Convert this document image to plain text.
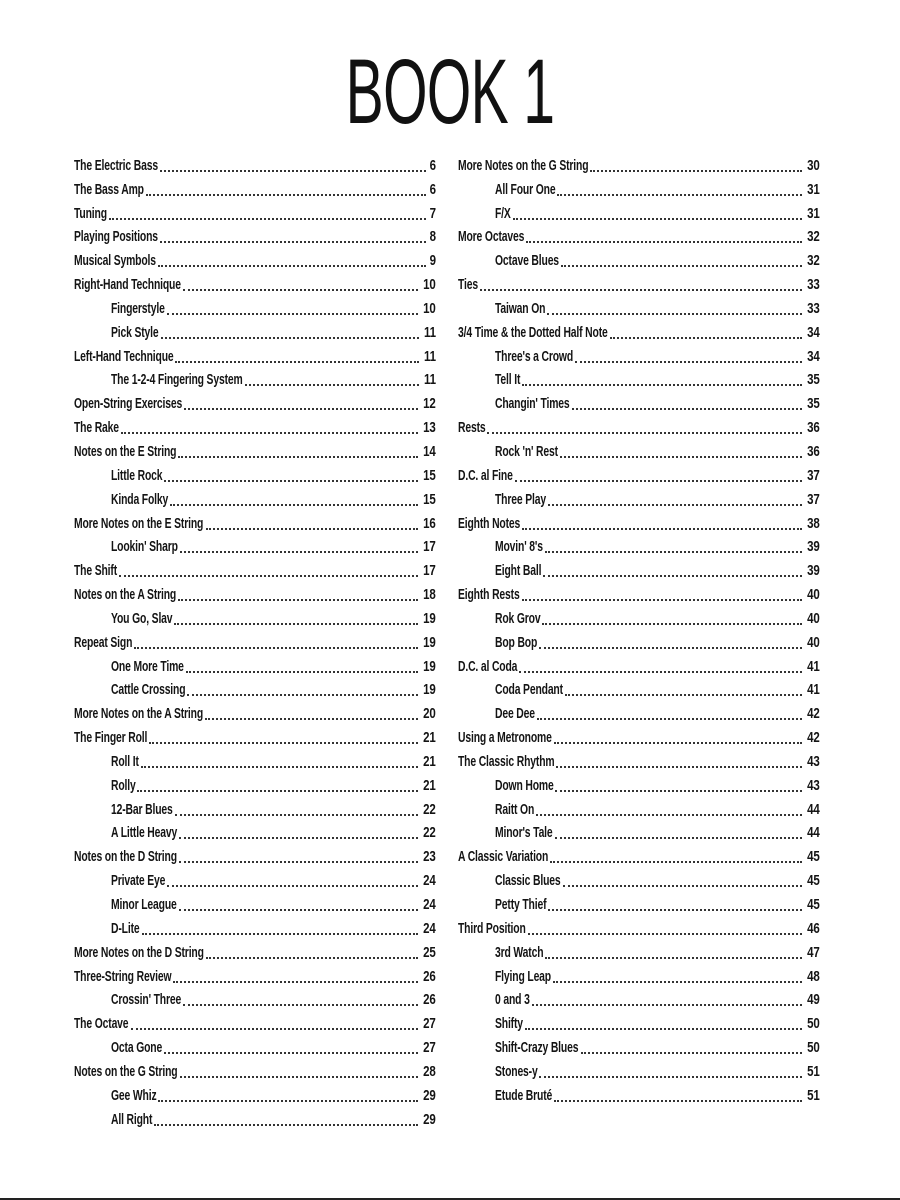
BOOK 1
The Electric Bass	6
The Bass Amp	6
Tuning	7
Playing Positions	8
Musical Symbols	9
Right-Hand Technique	10
Fingerstyle	10
Pick Style	11
Left-Hand Technique	11
The 1-2-4 Fingering System	11
Open-String Exercises	12
The Rake	13
Notes on the E String	14
Little Rock	15
Kinda Folky	15
More Notes on the E String	16
Lookin' Sharp	17
The Shift	17
Notes on the A String	18
You Go, Slav	19
Repeat Sign	19
One More Time	19
Cattle Crossing	19
More Notes on the A String	20
The Finger Roll	21
Roll It	21
Rolly	21
12-Bar Blues	22
A Little Heavy	22
Notes on the D String	23
Private Eye	24
Minor League	24
D-Lite	24
More Notes on the D String	25
Three-String Review	26
Crossin' Three	26
The Octave	27
Octa Gone	27
Notes on the G String	28
Gee Whiz	29
All Right	29
More Notes on the G String	30
All Four One	31
F/X	31
More Octaves	32
Octave Blues	32
Ties	33
Taiwan On	33
3/4 Time & the Dotted Half Note	34
Three's a Crowd	34
Tell It	35
Changin' Times	35
Rests	36
Rock 'n' Rest	36
D.C. al Fine	37
Three Play	37
Eighth Notes	38
Movin' 8's	39
Eight Ball	39
Eighth Rests	40
Rok Grov	40
Bop Bop	40
D.C. al Coda	41
Coda Pendant	41
Dee Dee	42
Using a Metronome	42
The Classic Rhythm	43
Down Home	43
Raitt On	44
Minor's Tale	44
A Classic Variation	45
Classic Blues	45
Petty Thief	45
Third Position	46
3rd Watch	47
Flying Leap	48
0 and 3	49
Shifty	50
Shift-Crazy Blues	50
Stones-y	51
Etude Bruté	51
